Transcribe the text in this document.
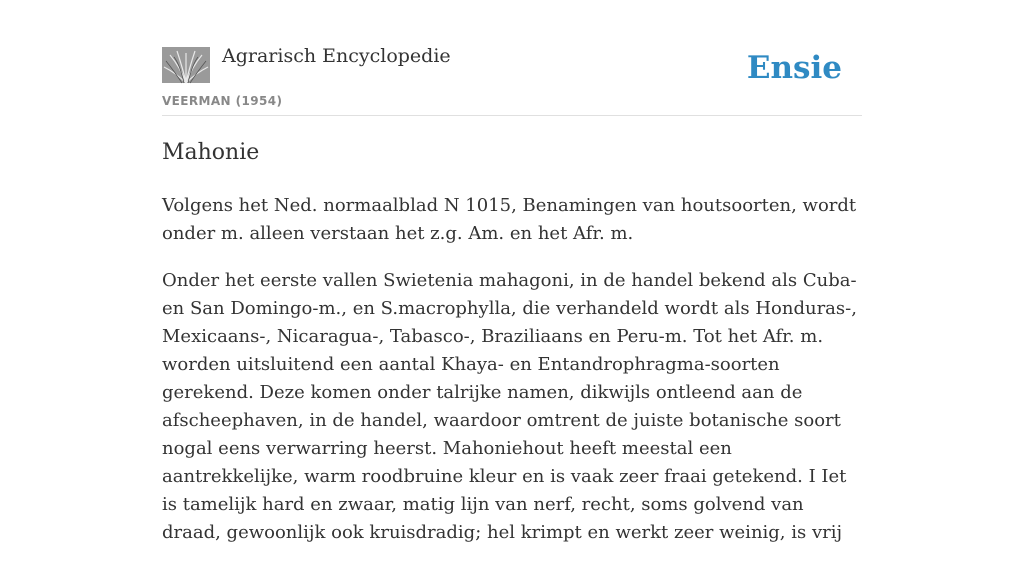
Agrarisch Encyclopedie
VEERMAN (1954)
Ensie
Mahonie

Volgens het Ned. normaalblad N 1015, Benamingen van houtsoorten, wordt onder m. alleen verstaan het z.g. Am. en het Afr. m.

Onder het eerste vallen Swietenia mahagoni, in de handel bekend als Cuba- en San Domingo-m., en S.macrophylla, die verhandeld wordt als Honduras-, Mexicaans-, Nicaragua-, Tabasco-, Braziliaans en Peru-m. Tot het Afr. m. worden uitsluitend een aantal Khaya- en Entandrophragma-soorten gerekend. Deze komen onder talrijke namen, dikwijls ontleend aan de afscheephaven, in de handel, waardoor omtrent de juiste botanische soort nogal eens verwarring heerst. Mahoniehout heeft meestal een aantrekkelijke, warm roodbruine kleur en is vaak zeer fraai getekend. I Iet is tamelijk hard en zwaar, matig lijn van nerf, recht, soms golvend van draad, gewoonlijk ook kruisdradig; hel krimpt en werkt zeer weinig, is vrij
